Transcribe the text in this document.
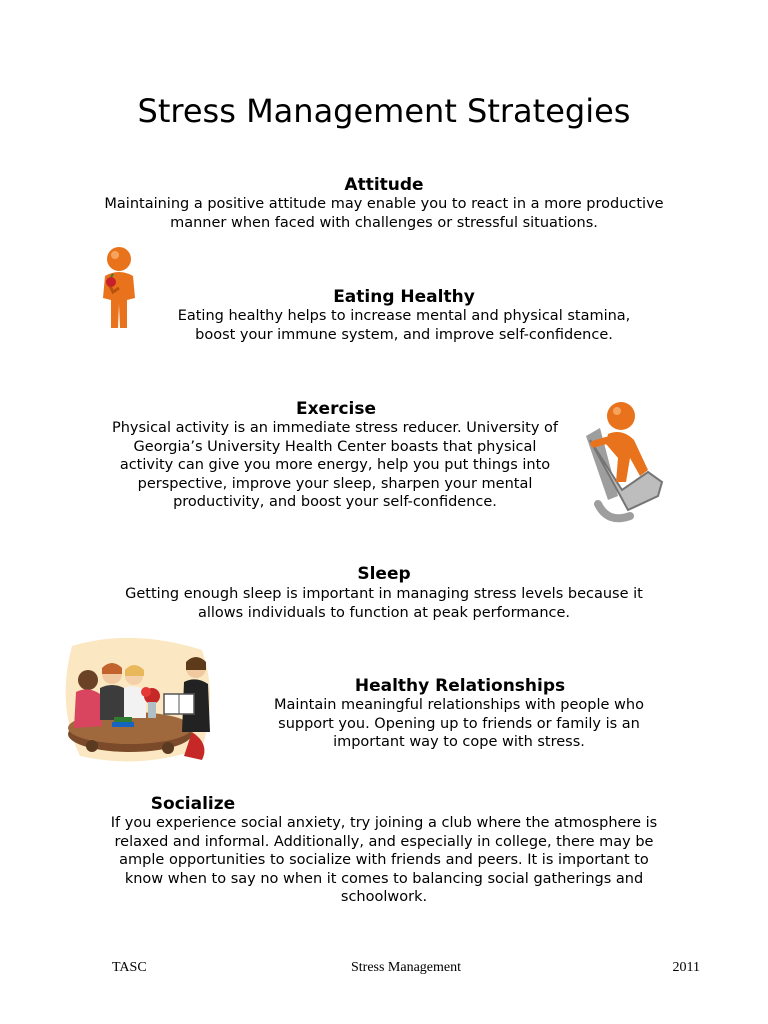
Stress Management Strategies
Attitude
Maintaining a positive attitude may enable you to react in a more productive manner when faced with challenges or stressful situations.
Eating Healthy
Eating healthy helps to increase mental and physical stamina, boost your immune system, and improve self-confidence.
Exercise
Physical activity is an immediate stress reducer. University of Georgia’s University Health Center boasts that physical activity can give you more energy, help you put things into perspective, improve your sleep, sharpen your mental productivity, and boost your self-confidence.
Sleep
Getting enough sleep is important in managing stress levels because it allows individuals to function at peak performance.
Healthy Relationships
Maintain meaningful relationships with people who support you. Opening up to friends or family is an important way to cope with stress.
Socialize
If you experience social anxiety, try joining a club where the atmosphere is relaxed and informal. Additionally, and especially in college, there may be ample opportunities to socialize with friends and peers. It is important to know when to say no when it comes to balancing social gatherings and schoolwork.
TASC	Stress Management	2011
